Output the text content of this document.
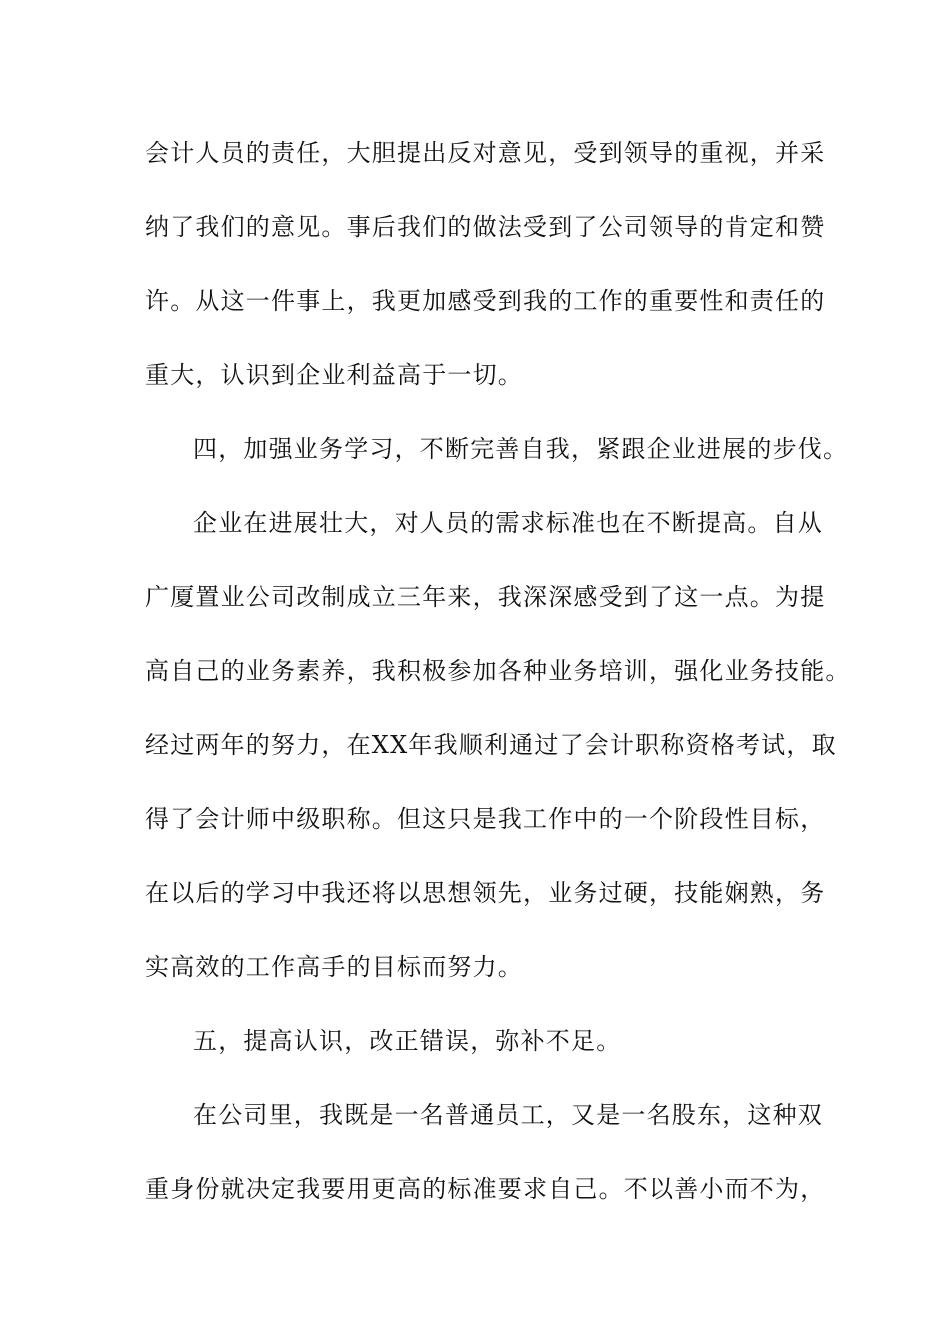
会计人员的责任，大胆提出反对意见，受到领导的重视，并采
纳了我们的意见。事后我们的做法受到了公司领导的肯定和赞
许。从这一件事上，我更加感受到我的工作的重要性和责任的
重大，认识到企业利益高于一切。
四，加强业务学习，不断完善自我，紧跟企业进展的步伐。
企业在进展壮大，对人员的需求标准也在不断提高。自从
广厦置业公司改制成立三年来，我深深感受到了这一点。为提
高自己的业务素养，我积极参加各种业务培训，强化业务技能。
经过两年的努力，在XX年我顺利通过了会计职称资格考试，取
得了会计师中级职称。但这只是我工作中的一个阶段性目标，
在以后的学习中我还将以思想领先，业务过硬，技能娴熟，务
实高效的工作高手的目标而努力。
五，提高认识，改正错误，弥补不足。
在公司里，我既是一名普通员工，又是一名股东，这种双
重身份就决定我要用更高的标准要求自己。不以善小而不为，
